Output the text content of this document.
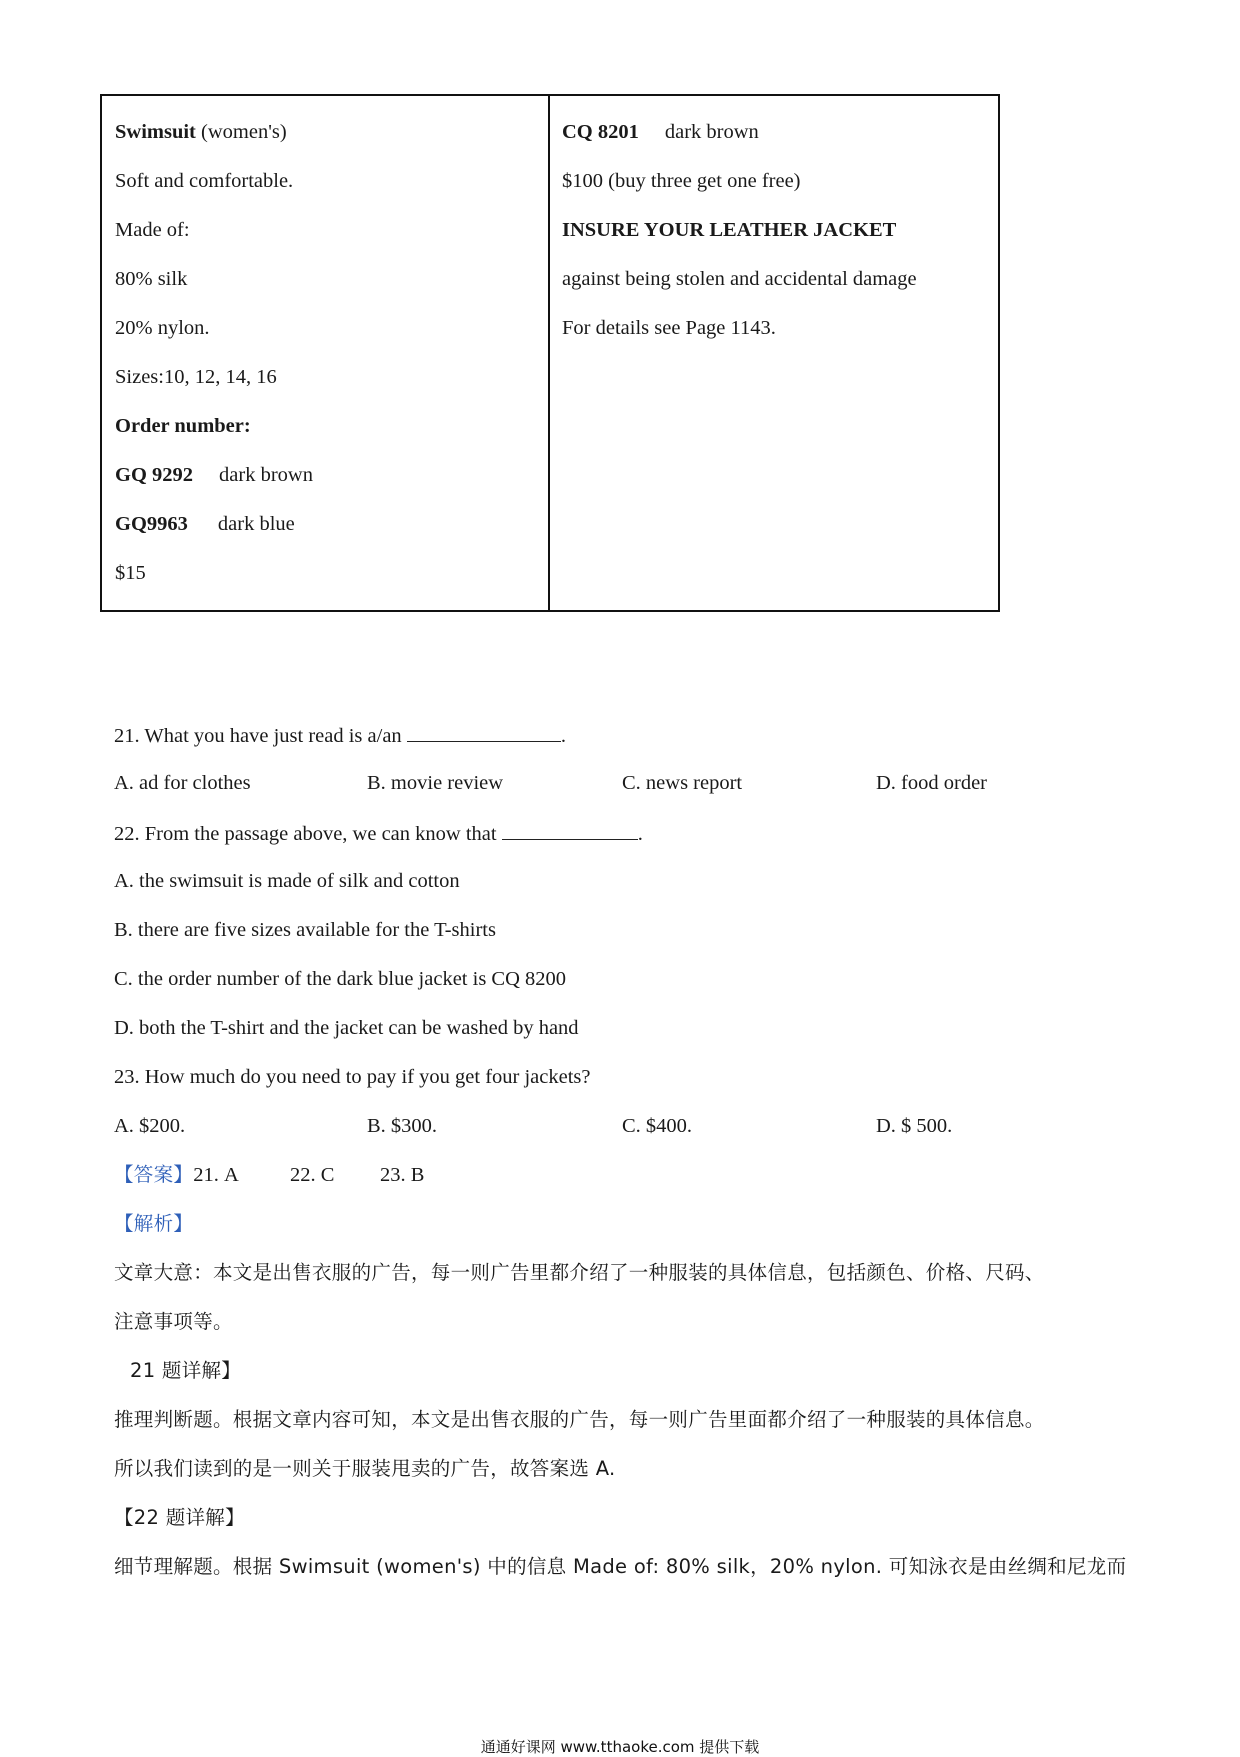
Swimsuit (women's)
Soft and comfortable.
Made of:
80% silk
20% nylon.
Sizes:10, 12, 14, 16
Order number:
GQ 9292 dark brown
GQ9963 dark blue
$15
CQ 8201 dark brown
$100 (buy three get one free)
INSURE YOUR LEATHER JACKET
against being stolen and accidental damage
For details see Page 1143.
21. What you have just read is a/an	.
A. ad for clothes	B. movie review	C. news report	D. food order
22. From the passage above, we can know that	.
A. the swimsuit is made of silk and cotton
B. there are five sizes available for the T-shirts
C. the order number of the dark blue jacket is CQ 8200
D. both the T-shirt and the jacket can be washed by hand
23. How much do you need to pay if you get four jackets?
A. $200.	B. $300.	C. $400.	D. $ 500.
【答案】21. A 22. C 23. B
【解析】
文章大意：本文是出售衣服的广告，每一则广告里都介绍了一种服装的具体信息，包括颜色、价格、尺码、
注意事项等。
21 题详解】
推理判断题。根据文章内容可知，本文是出售衣服的广告，每一则广告里面都介绍了一种服装的具体信息。
所以我们读到的是一则关于服装甩卖的广告，故答案选 A.
【22 题详解】
细节理解题。根据 Swimsuit (women's) 中的信息 Made of: 80% silk，20% nylon. 可知泳衣是由丝绸和尼龙而
通通好课网 www.tthaoke.com 提供下载
